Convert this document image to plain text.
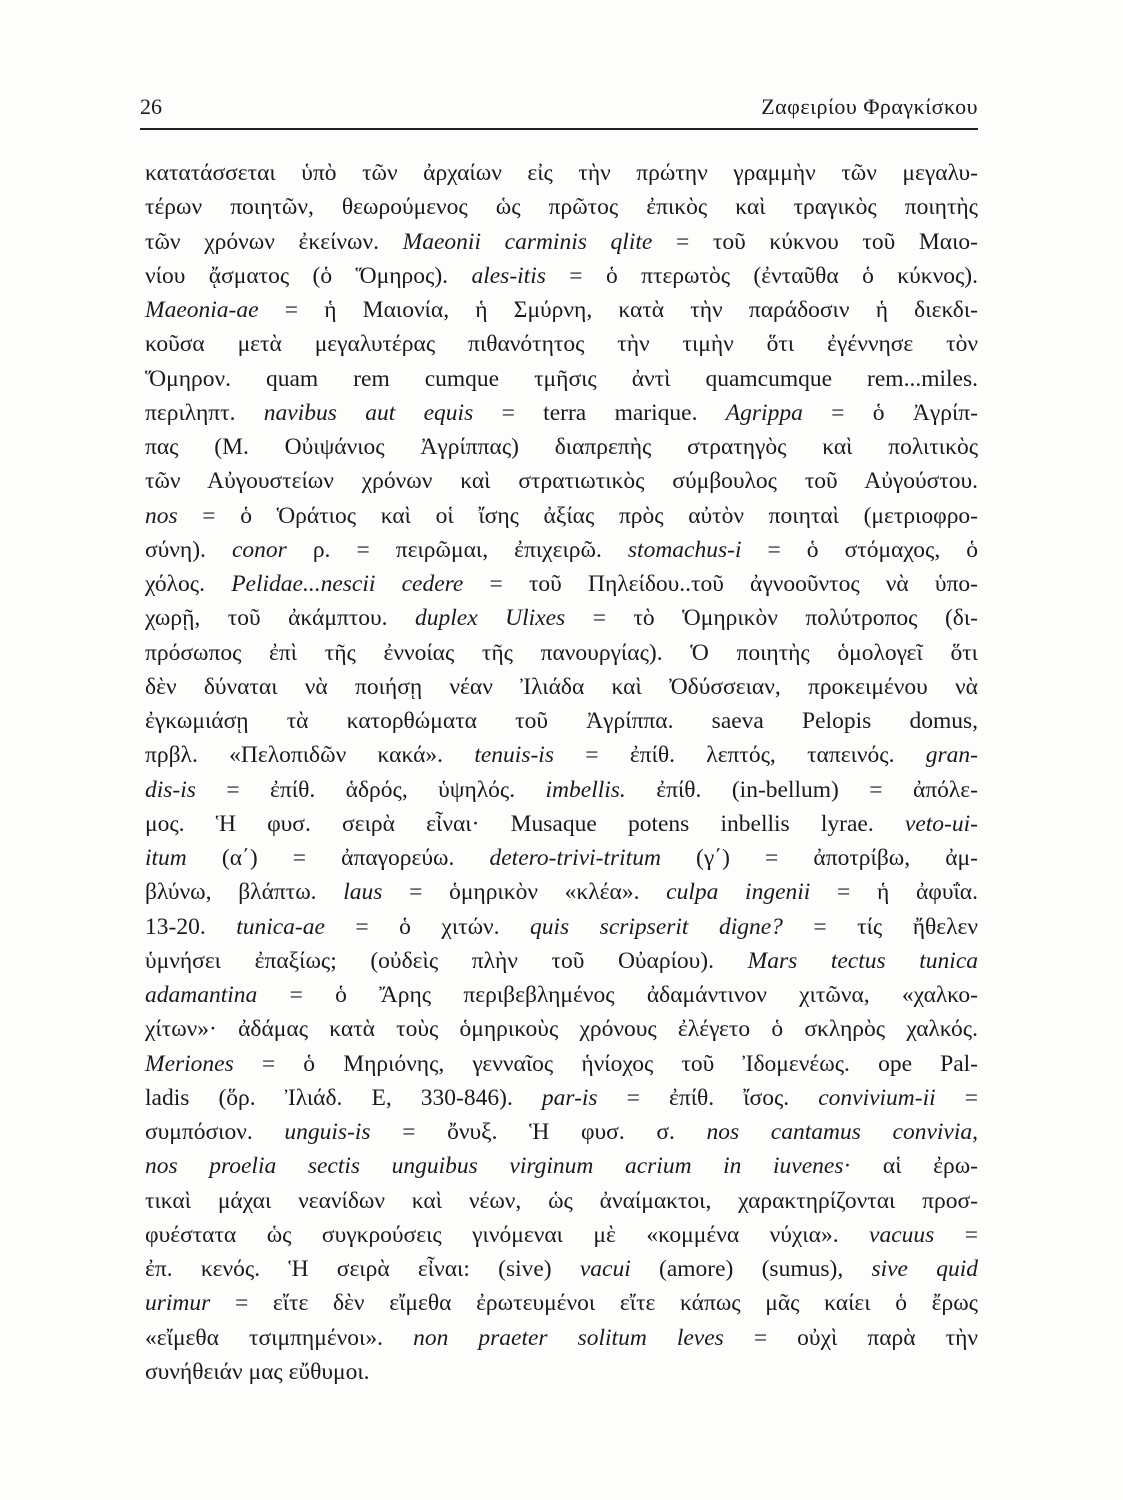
26	Ζαφειρίου Φραγκίσκου
κατατάσσεται ὑπὸ τῶν ἀρχαίων εἰς τὴν πρώτην γραμμὴν τῶν μεγαλυ-
τέρων ποιητῶν, θεωρούμενος ὡς πρῶτος ἐπικὸς καὶ τραγικὸς ποιητὴς
τῶν χρόνων ἐκείνων. Maeonii carminis qlite = τοῦ κύκνου τοῦ Μαιο-
νίου ᾄσματος (ὁ Ὅμηρος). ales-itis = ὁ πτερωτὸς (ἐνταῦθα ὁ κύκνος).
Maeonia-ae = ἡ Μαιονία, ἡ Σμύρνη, κατὰ τὴν παράδοσιν ἡ διεκδι-
κοῦσα μετὰ μεγαλυτέρας πιθανότητος τὴν τιμὴν ὅτι ἐγέννησε τὸν
Ὅμηρον. quam rem cumque τμῆσις ἀντὶ quamcumque rem...miles.
περιληπτ. navibus aut equis = terra marique. Agrippa = ὁ Ἀγρίπ-
πας (Μ. Οὐιψάνιος Ἀγρίππας) διαπρεπὴς στρατηγὸς καὶ πολιτικὸς
τῶν Αὐγουστείων χρόνων καὶ στρατιωτικὸς σύμβουλος τοῦ Αὐγούστου.
nos = ὁ Ὁράτιος καὶ οἱ ἴσης ἀξίας πρὸς αὐτὸν ποιηταὶ (μετριοφρο-
σύνη). conor ρ. = πειρῶμαι, ἐπιχειρῶ. stomachus-i = ὁ στόμαχος, ὁ
χόλος. Pelidae...nescii cedere = τοῦ Πηλείδου..τοῦ ἀγνοοῦντος νὰ ὑπο-
χωρῇ, τοῦ ἀκάμπτου. duplex Ulixes = τὸ Ὁμηρικὸν πολύτροπος (δι-
πρόσωπος ἐπὶ τῆς ἐννοίας τῆς πανουργίας). Ὁ ποιητὴς ὁμολογεῖ ὅτι
δὲν δύναται νὰ ποιήσῃ νέαν Ἰλιάδα καὶ Ὀδύσσειαν, προκειμένου νὰ
ἐγκωμιάσῃ τὰ κατορθώματα τοῦ Ἀγρίππα. saeva Pelopis domus,
πρβλ. «Πελοπιδῶν κακά». tenuis-is = ἐπίθ. λεπτός, ταπεινός. gran-
dis-is = ἐπίθ. ἁδρός, ὑψηλός. imbellis. ἐπίθ. (in-bellum) = ἀπόλε-
μος. Ἡ φυσ. σειρὰ εἶναι· Musaque potens inbellis lyrae. veto-ui-
itum (α΄) = ἀπαγορεύω. detero-trivi-tritum (γ΄) = ἀποτρίβω, ἀμ-
βλύνω, βλάπτω. laus = ὁμηρικὸν «κλέα». culpa ingenii = ἡ ἀφυΐα.
13-20. tunica-ae = ὁ χιτών. quis scripserit digne? = τίς ἤθελεν
ὑμνήσει ἐπαξίως; (οὐδεὶς πλὴν τοῦ Οὐαρίου). Mars tectus tunica
adamantina = ὁ Ἄρης περιβεβλημένος ἀδαμάντινον χιτῶνα, «χαλκο-
χίτων»· ἀδάμας κατὰ τοὺς ὁμηρικοὺς χρόνους ἐλέγετο ὁ σκληρὸς χαλκός.
Meriones = ὁ Μηριόνης, γενναῖος ἡνίοχος τοῦ Ἰδομενέως. ope Pal-
ladis (ὅρ. Ἰλιάδ. Ε, 330-846). par-is = ἐπίθ. ἴσος. convivium-ii =
συμπόσιον. unguis-is = ὄνυξ. Ἡ φυσ. σ. nos cantamus convivia,
nos proelia sectis unguibus virginum acrium in iuvenes· αἱ ἐρω-
τικαὶ μάχαι νεανίδων καὶ νέων, ὡς ἀναίμακτοι, χαρακτηρίζονται προσ-
φυέστατα ὡς συγκρούσεις γινόμεναι μὲ «κομμένα νύχια». vacuus =
ἐπ. κενός. Ἡ σειρὰ εἶναι: (sive) vacui (amore) (sumus), sive quid
urimur = εἴτε δὲν εἴμεθα ἐρωτευμένοι εἴτε κάπως μᾶς καίει ὁ ἔρως
«εἴμεθα τσιμπημένοι». non praeter solitum leves = οὐχὶ παρὰ τὴν
συνήθειάν μας εὔθυμοι.
